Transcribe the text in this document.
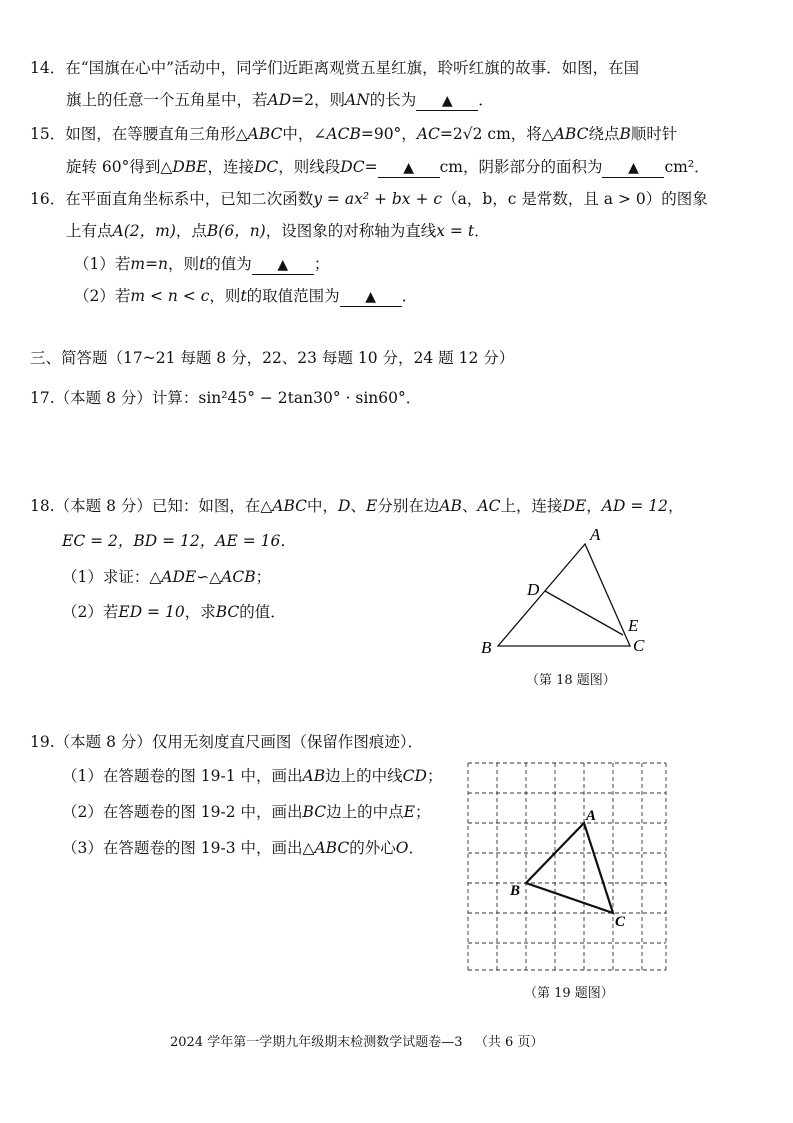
14．在“国旗在心中”活动中，同学们近距离观赏五星红旗，聆听红旗的故事．如图，在国
旗上的任意一个五角星中，若AD=2，则AN的长为 ▲ ．
15．如图，在等腰直角三角形△ABC中，∠ACB=90°，AC=2√2 cm，将△ABC绕点B顺时针
旋转 60°得到△DBE，连接DC，则线段DC= ▲ cm，阴影部分的面积为 ▲ cm²．
16．在平面直角坐标系中，已知二次函数y = ax² + bx + c（a，b，c 是常数，且 a > 0）的图象
上有点A(2，m)，点B(6，n)，设图象的对称轴为直线x = t．
（1）若m=n，则t的值为 ▲ ；
（2）若m < n < c，则t的取值范围为 ▲ ．
三、简答题（17~21 每题 8 分，22、23 每题 10 分，24 题 12 分）
17.（本题 8 分）计算：sin²45° − 2tan30° · sin60°．
18.（本题 8 分）已知：如图，在△ABC中，D、E分别在边AB、AC上，连接DE，AD = 12，
EC = 2，BD = 12，AE = 16．
（1）求证：△ADE∽△ACB；
（2）若ED = 10，求BC的值．
A
B	C
D
E
（第 18 题图）
19.（本题 8 分）仅用无刻度直尺画图（保留作图痕迹）．
（1）在答题卷的图 19-1 中，画出AB边上的中线CD；
（2）在答题卷的图 19-2 中，画出BC边上的中点E；
（3）在答题卷的图 19-3 中，画出△ABC的外心O．
A
B
C
（第 19 题图）
2024 学年第一学期九年级期末检测数学试题卷—3 （共 6 页）
